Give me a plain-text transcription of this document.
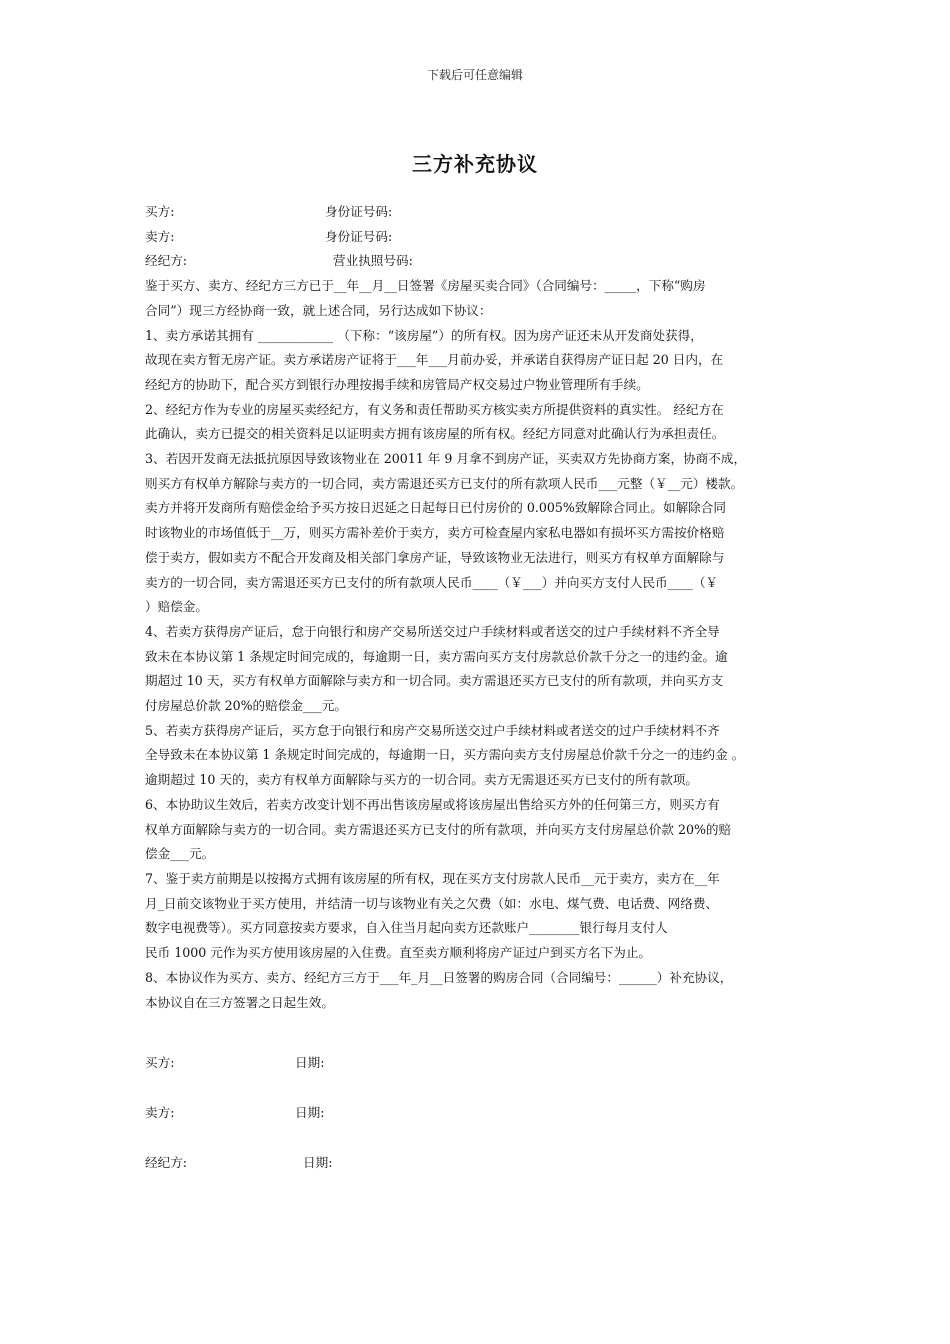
下载后可任意编辑
三方补充协议
买方:	身份证号码:
卖方:	身份证号码:
经纪方:	营业执照号码:
鉴于买方、卖方、经纪方三方已于__年__月__日签署《房屋买卖合同》（合同编号：_____，下称“购房
合同”）现三方经协商一致，就上述合同，另行达成如下协议：
1、卖方承诺其拥有 ____________ （下称：“该房屋”）的所有权。因为房产证还未从开发商处获得，
故现在卖方暂无房产证。卖方承诺房产证将于___年___月前办妥，并承诺自获得房产证日起 20 日内，在
经纪方的协助下，配合买方到银行办理按揭手续和房管局产权交易过户物业管理所有手续。
2、经纪方作为专业的房屋买卖经纪方，有义务和责任帮助买方核实卖方所提供资料的真实性。 经纪方在
此确认，卖方已提交的相关资料足以证明卖方拥有该房屋的所有权。经纪方同意对此确认行为承担责任。
3、若因开发商无法抵抗原因导致该物业在 20011 年 9 月拿不到房产证，买卖双方先协商方案，协商不成，
则买方有权单方解除与卖方的一切合同，卖方需退还买方已支付的所有款项人民币___元整（￥__元）楼款。
卖方并将开发商所有赔偿金给予买方按日迟延之日起每日已付房价的 0.005%致解除合同止。如解除合同
时该物业的市场值低于__万，则买方需补差价于卖方，卖方可检查屋内家私电器如有损坏买方需按价格赔
偿于卖方，假如卖方不配合开发商及相关部门拿房产证，导致该物业无法进行，则买方有权单方面解除与
卖方的一切合同，卖方需退还买方已支付的所有款项人民币____（￥___）并向买方支付人民币____（￥
）赔偿金。
4、若卖方获得房产证后，怠于向银行和房产交易所送交过户手续材料或者送交的过户手续材料不齐全导
致未在本协议第 1 条规定时间完成的，每逾期一日，卖方需向买方支付房款总价款千分之一的违约金。逾
期超过 10 天，买方有权单方面解除与卖方和一切合同。卖方需退还买方已支付的所有款项，并向买方支
付房屋总价款 20%的赔偿金___元。
5、若卖方获得房产证后，买方怠于向银行和房产交易所送交过户手续材料或者送交的过户手续材料不齐
全导致未在本协议第 1 条规定时间完成的，每逾期一日，买方需向卖方支付房屋总价款千分之一的违约金 。
逾期超过 10 天的，卖方有权单方面解除与买方的一切合同。卖方无需退还买方已支付的所有款项。
6、本协助议生效后，若卖方改变计划不再出售该房屋或将该房屋出售给买方外的任何第三方，则买方有
权单方面解除与卖方的一切合同。卖方需退还买方已支付的所有款项，并向买方支付房屋总价款 20%的赔
偿金___元。
7、鉴于卖方前期是以按揭方式拥有该房屋的所有权，现在买方支付房款人民币__元于卖方，卖方在__年
月_日前交该物业于买方使用，并结清一切与该物业有关之欠费（如：水电、煤气费、电话费、网络费、
数字电视费等）。买方同意按卖方要求，自入住当月起向卖方还款账户________银行每月支付人
民币 1000 元作为买方使用该房屋的入住费。直至卖方顺利将房产证过户到买方名下为止。
8、本协议作为买方、卖方、经纪方三方于___年_月__日签署的购房合同（合同编号：______）补充协议，
本协议自在三方签署之日起生效。
买方:	日期:
卖方:	日期:
经纪方:	日期:
